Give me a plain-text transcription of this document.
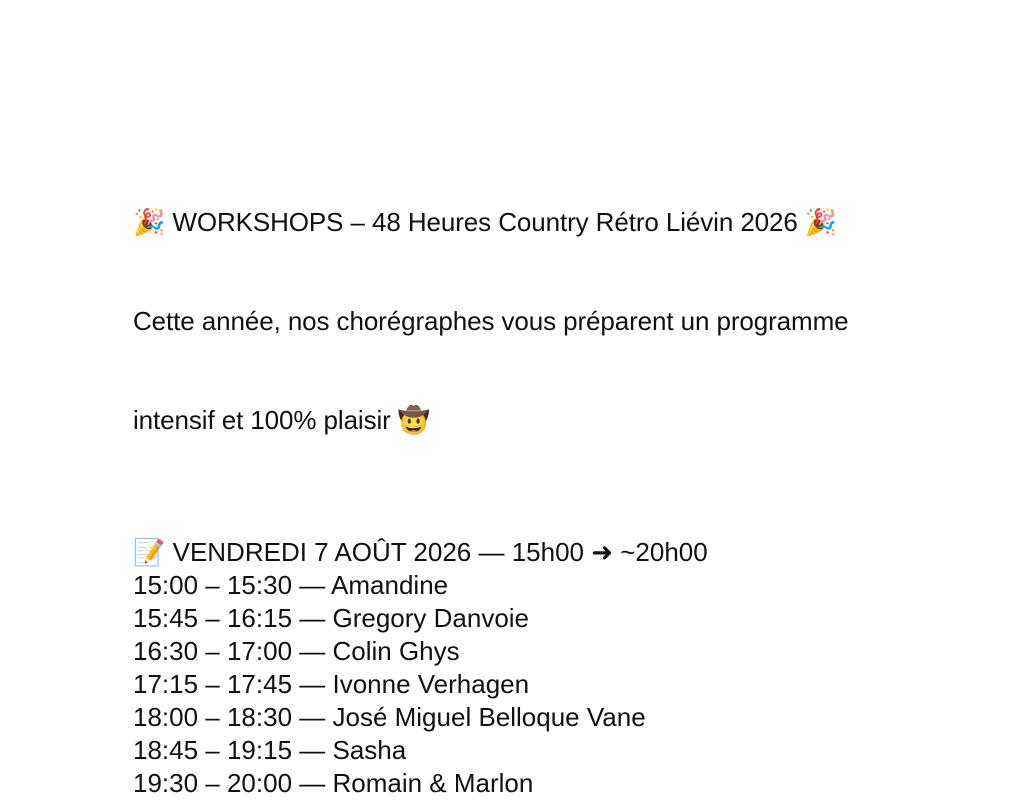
🎉 WORKSHOPS – 48 Heures Country Rétro Liévin 2026 🎉

Cette année, nos chorégraphes vous préparent un programme

intensif et 100% plaisir 🤠

📝 VENDREDI 7 AOÛT 2026 — 15h00 ➜ ~20h00
15:00 – 15:30 — Amandine
15:45 – 16:15 — Gregory Danvoie
16:30 – 17:00 — Colin Ghys
17:15 – 17:45 — Ivonne Verhagen
18:00 – 18:30 — José Miguel Belloque Vane
18:45 – 19:15 — Sasha
19:30 – 20:00 — Romain & Marlon
